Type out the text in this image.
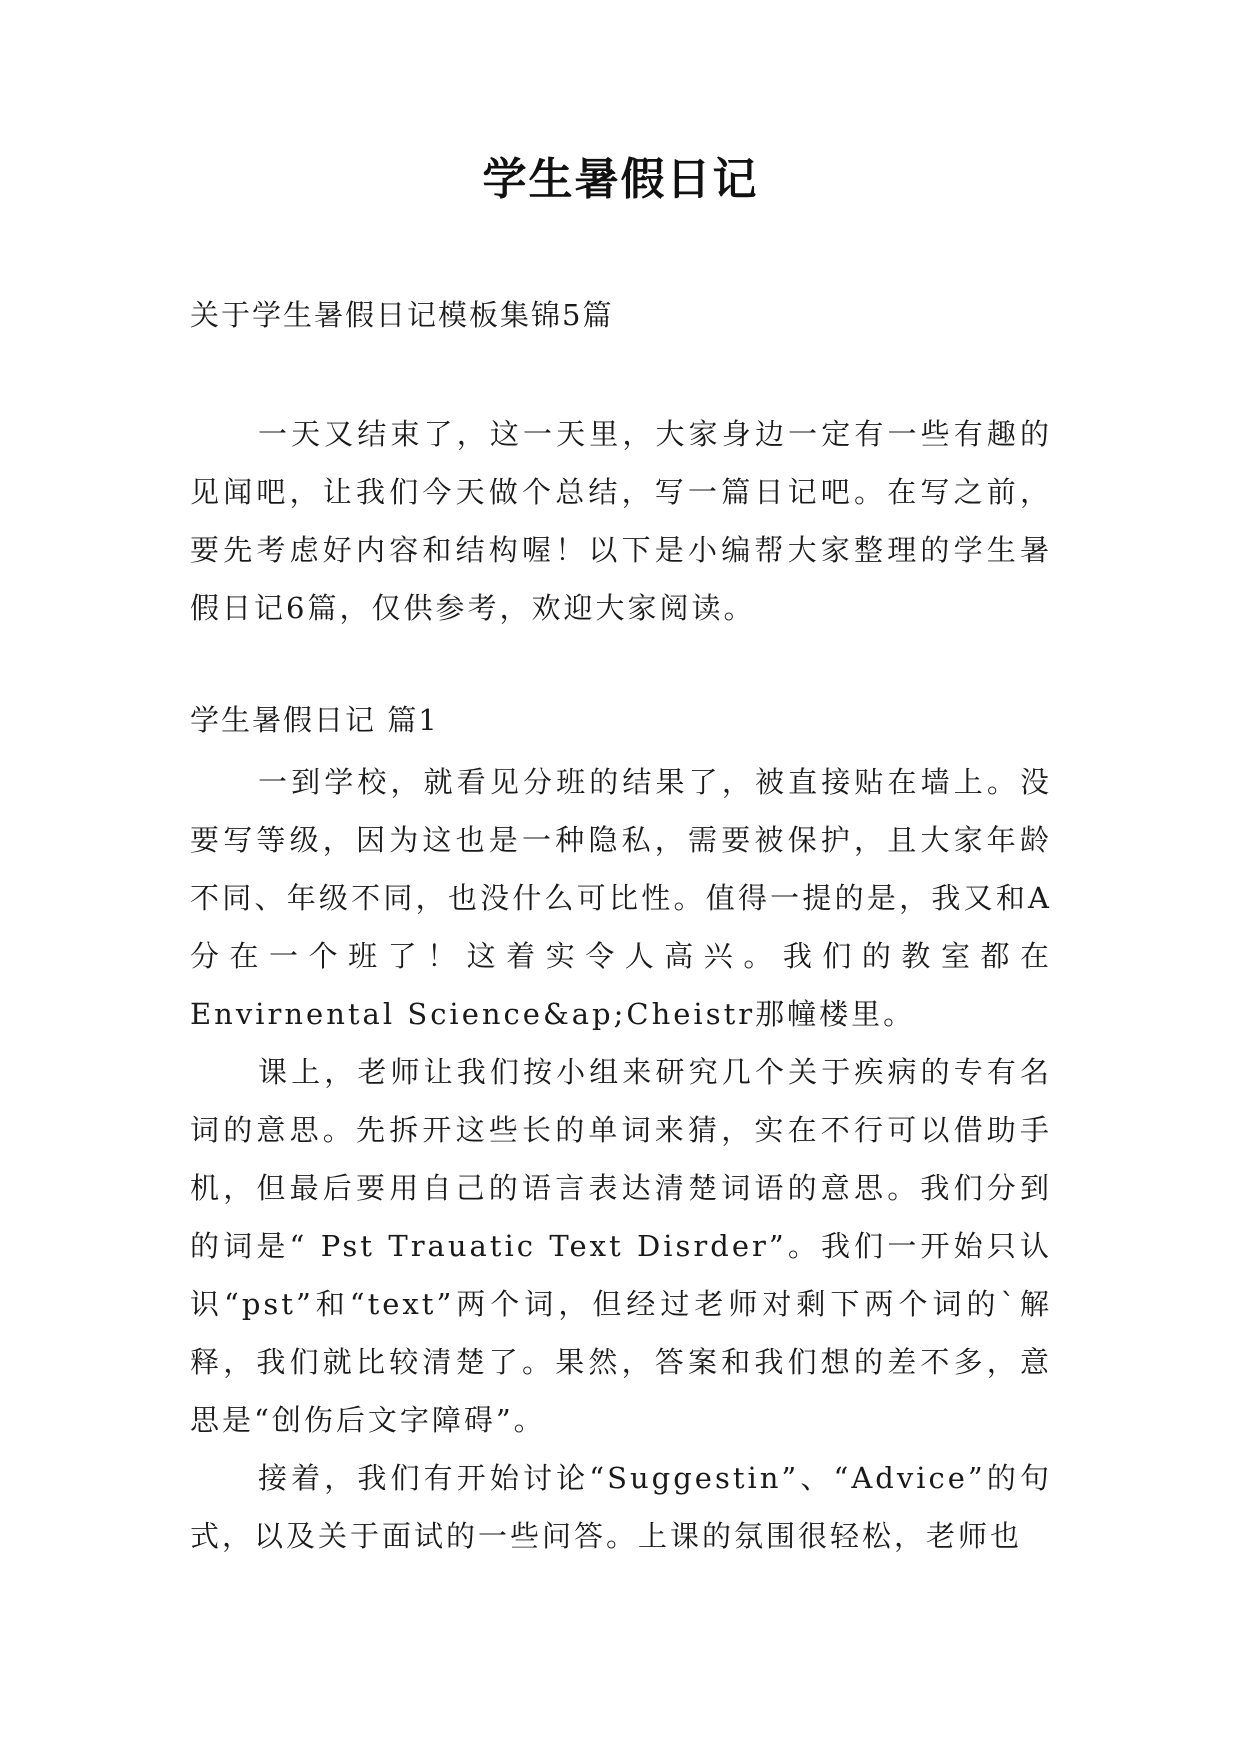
学生暑假日记
关于学生暑假日记模板集锦5篇

一天又结束了，这一天里，大家身边一定有一些有趣的见闻吧，让我们今天做个总结，写一篇日记吧。在写之前，要先考虑好内容和结构喔！以下是小编帮大家整理的学生暑假日记6篇，仅供参考，欢迎大家阅读。

学生暑假日记 篇1

一到学校，就看见分班的结果了，被直接贴在墙上。没要写等级，因为这也是一种隐私，需要被保护，且大家年龄不同、年级不同，也没什么可比性。值得一提的是，我又和A分在一个班了！这着实令人高兴。我们的教室都在Envirnental Science&ap;Cheistr那幢楼里。

课上，老师让我们按小组来研究几个关于疾病的专有名词的意思。先拆开这些长的单词来猜，实在不行可以借助手机，但最后要用自己的语言表达清楚词语的意思。我们分到的词是“ Pst Trauatic Text Disrder”。我们一开始只认识“pst”和“text”两个词，但经过老师对剩下两个词的`解释，我们就比较清楚了。果然，答案和我们想的差不多，意思是“创伤后文字障碍”。

接着，我们有开始讨论“Suggestin”、“Advice”的句式，以及关于面试的一些问答。上课的氛围很轻松，老师也
